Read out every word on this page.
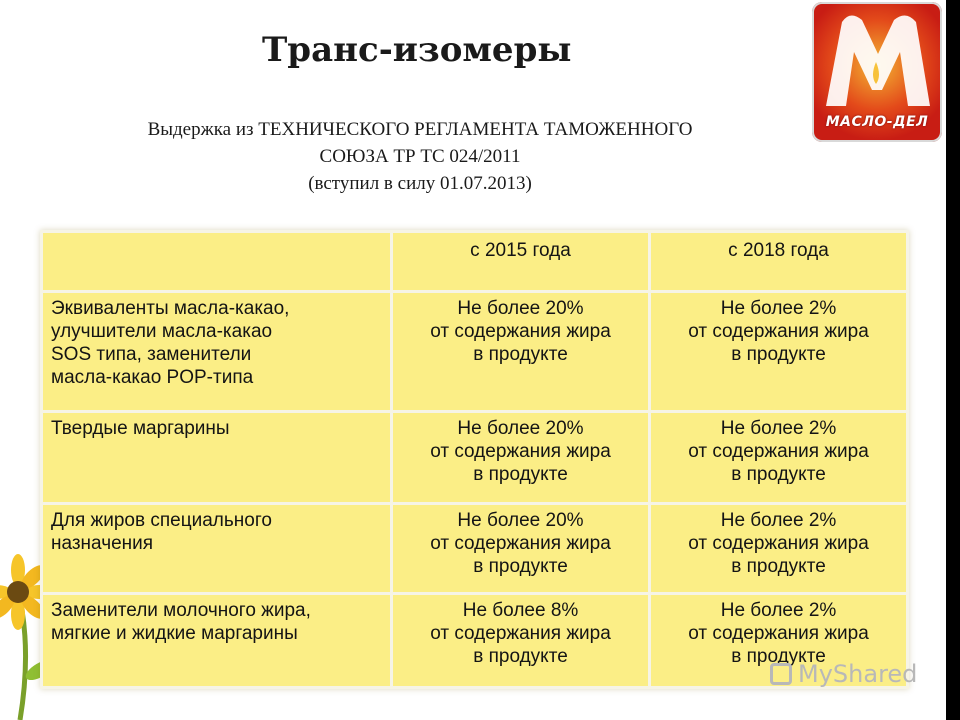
Транс-изомеры
Выдержка из ТЕХНИЧЕСКОГО РЕГЛАМЕНТА ТАМОЖЕННОГО
СОЮЗА ТР ТС 024/2011
(вступил в силу 01.07.2013)
МАСЛО-ДЕЛ
	с 2015 года	с 2018 года

Эквиваленты масла-какао,
улучшители масла-какао
SOS типа, заменители
масла-какао POP-типа	Не более 20%
от содержания жира
в продукте	Не более 2%
от содержания жира
в продукте

Твердые маргарины	Не более 20%
от содержания жира
в продукте	Не более 2%
от содержания жира
в продукте

Для жиров специального
назначения	Не более 20%
от содержания жира
в продукте	Не более 2%
от содержания жира
в продукте

Заменители молочного жира,
мягкие и жидкие маргарины	Не более 8%
от содержания жира
в продукте	Не более 2%
от содержания жира
в продукте
MyShared
